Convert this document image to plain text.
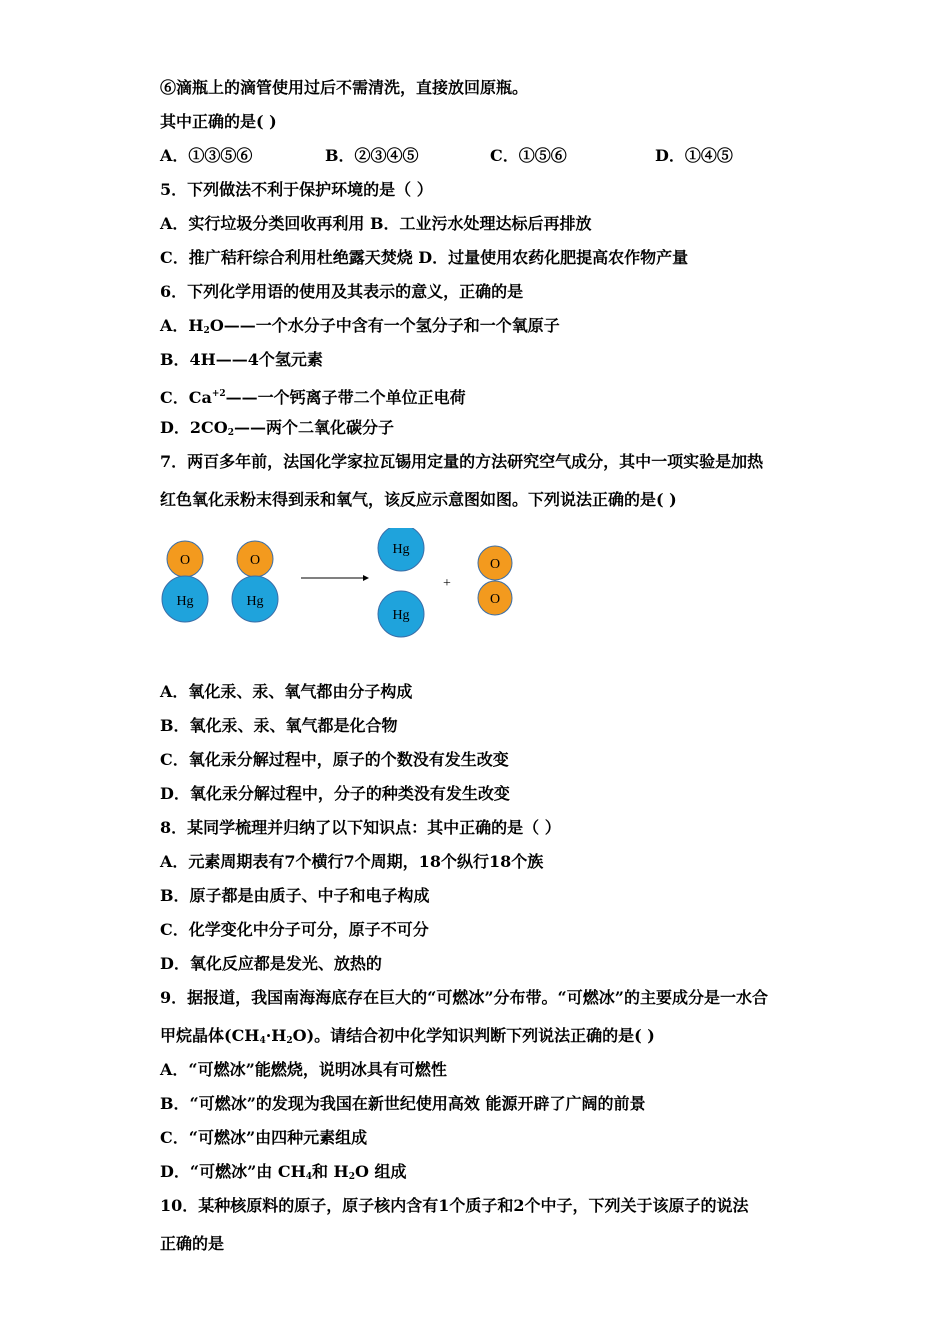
⑥滴瓶上的滴管使用过后不需清洗，直接放回原瓶。
其中正确的是( )
A．①③⑤⑥	B．②③④⑤	C．①⑤⑥	D．①④⑤
5．下列做法不利于保护环境的是（ ）
A．实行垃圾分类回收再利用 B．工业污水处理达标后再排放
C．推广秸秆综合利用杜绝露天焚烧 D．过量使用农药化肥提高农作物产量
6．下列化学用语的使用及其表示的意义，正确的是
A．$H_2O——$一个水分子中含有一个氢分子和一个氧原子
B．4H——4个氢元素
C．$Ca^{+2}——$一个钙离子带二个单位正电荷
D．$2CO_2——$两个二氧化碳分子
7．两百多年前，法国化学家拉瓦锡用定量的方法研究空气成分，其中一项实验是加热
红色氧化汞粉末得到汞和氧气，该反应示意图如图。下列说法正确的是( )
O
Hg
O
Hg
Hg
Hg
+
O
O
A．氧化汞、汞、氧气都由分子构成
B．氧化汞、汞、氧气都是化合物
C．氧化汞分解过程中，原子的个数没有发生改变
D．氧化汞分解过程中，分子的种类没有发生改变
8．某同学梳理并归纳了以下知识点：其中正确的是（ ）
A．元素周期表有7个横行7个周期，18个纵行18个族
B．原子都是由质子、中子和电子构成
C．化学变化中分子可分，原子不可分
D．氧化反应都是发光、放热的
9．据报道，我国南海海底存在巨大的“可燃冰”分布带。“可燃冰”的主要成分是一水合
甲烷晶体$(CH_4\cdot H_2O)$。请结合初中化学知识判断下列说法正确的是( )
A．“可燃冰”能燃烧，说明冰具有可燃性
B．“可燃冰”的发现为我国在新世纪使用高效 能源开辟了广阔的前景
C．“可燃冰”由四种元素组成
D．“可燃冰”由 $CH_4$和 $H_2O$ 组成
10．某种核原料的原子，原子核内含有1个质子和2个中子，下列关于该原子的说法
正确的是
